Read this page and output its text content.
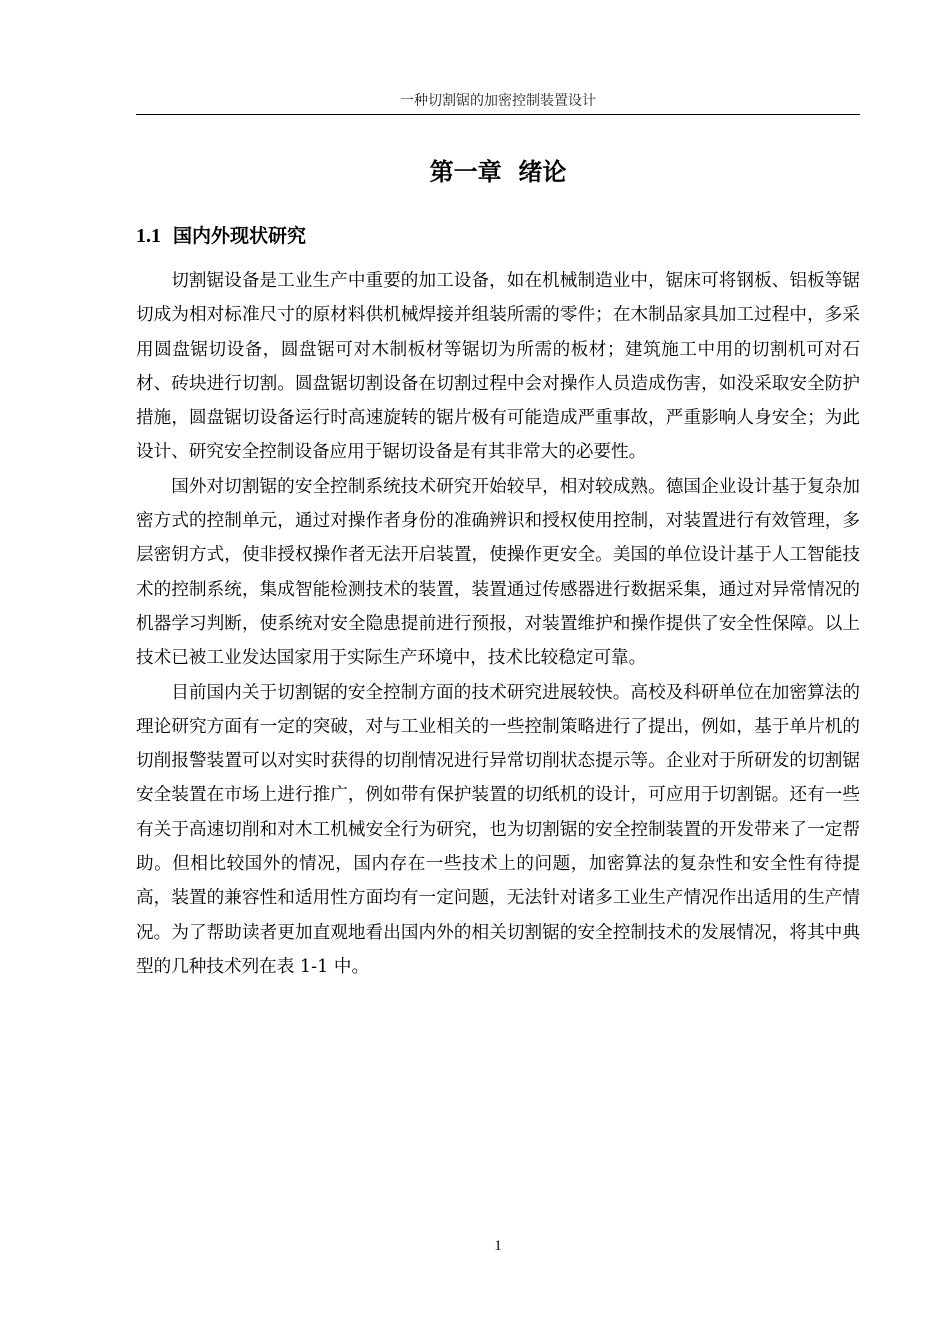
一种切割锯的加密控制装置设计
第一章  绪论
1.1 国内外现状研究

切割锯设备是工业生产中重要的加工设备，如在机械制造业中，锯床可将钢板、铝板等锯切成为相对标准尺寸的原材料供机械焊接并组装所需的零件；在木制品家具加工过程中，多采用圆盘锯切设备，圆盘锯可对木制板材等锯切为所需的板材；建筑施工中用的切割机可对石材、砖块进行切割。圆盘锯切割设备在切割过程中会对操作人员造成伤害，如没采取安全防护措施，圆盘锯切设备运行时高速旋转的锯片极有可能造成严重事故，严重影响人身安全；为此设计、研究安全控制设备应用于锯切设备是有其非常大的必要性。

国外对切割锯的安全控制系统技术研究开始较早，相对较成熟。德国企业设计基于复杂加密方式的控制单元，通过对操作者身份的准确辨识和授权使用控制，对装置进行有效管理，多层密钥方式，使非授权操作者无法开启装置，使操作更安全。美国的单位设计基于人工智能技术的控制系统，集成智能检测技术的装置，装置通过传感器进行数据采集，通过对异常情况的机器学习判断，使系统对安全隐患提前进行预报，对装置维护和操作提供了安全性保障。以上技术已被工业发达国家用于实际生产环境中，技术比较稳定可靠。

目前国内关于切割锯的安全控制方面的技术研究进展较快。高校及科研单位在加密算法的理论研究方面有一定的突破，对与工业相关的一些控制策略进行了提出，例如，基于单片机的切削报警装置可以对实时获得的切削情况进行异常切削状态提示等。企业对于所研发的切割锯安全装置在市场上进行推广，例如带有保护装置的切纸机的设计，可应用于切割锯。还有一些有关于高速切削和对木工机械安全行为研究，也为切割锯的安全控制装置的开发带来了一定帮助。但相比较国外的情况，国内存在一些技术上的问题，加密算法的复杂性和安全性有待提高，装置的兼容性和适用性方面均有一定问题，无法针对诸多工业生产情况作出适用的生产情况。为了帮助读者更加直观地看出国内外的相关切割锯的安全控制技术的发展情况，将其中典型的几种技术列在表 1-1 中。

1
